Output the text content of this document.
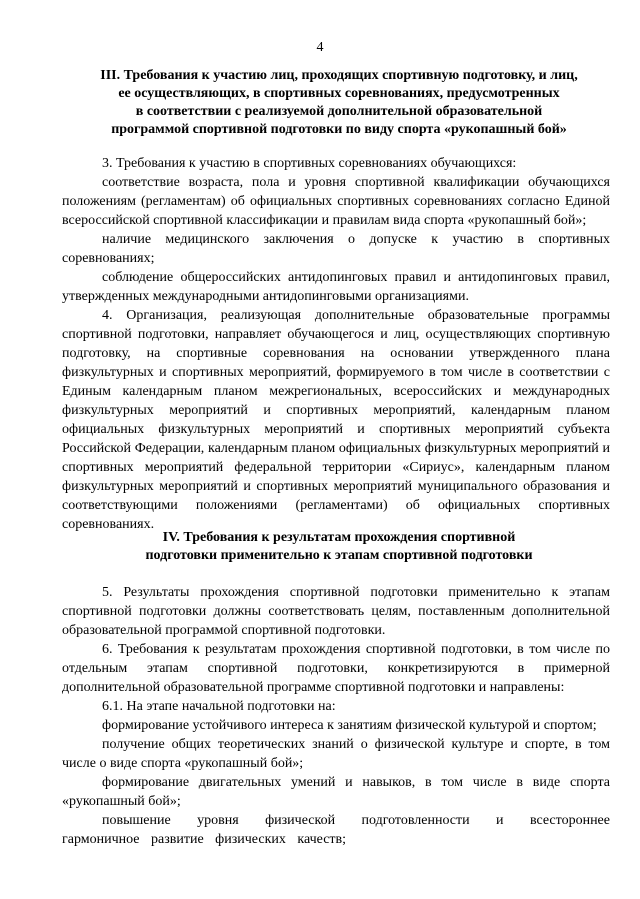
4
III. Требования к участию лиц, проходящих спортивную подготовку, и лиц,
ее осуществляющих, в спортивных соревнованиях, предусмотренных
в соответствии с реализуемой дополнительной образовательной
программой спортивной подготовки по виду спорта «рукопашный бой»

3. Требования к участию в спортивных соревнованиях обучающихся:

соответствие возраста, пола и уровня спортивной квалификации обучающихся положениям (регламентам) об официальных спортивных соревнованиях согласно Единой всероссийской спортивной классификации и правилам вида спорта «рукопашный бой»;

наличие медицинского заключения о допуске к участию в спортивных соревнованиях;

соблюдение общероссийских антидопинговых правил и антидопинговых правил, утвержденных международными антидопинговыми организациями.

4. Организация, реализующая дополнительные образовательные программы спортивной подготовки, направляет обучающегося и лиц, осуществляющих спортивную подготовку, на спортивные соревнования на основании утвержденного плана физкультурных и спортивных мероприятий, формируемого в том числе в соответствии с Единым календарным планом межрегиональных, всероссийских и международных физкультурных мероприятий и спортивных мероприятий, календарным планом официальных физкультурных мероприятий и спортивных мероприятий субъекта Российской Федерации, календарным планом официальных физкультурных мероприятий и спортивных мероприятий федеральной территории «Сириус», календарным планом физкультурных мероприятий и спортивных мероприятий муниципального образования и соответствующими положениями (регламентами) об официальных спортивных соревнованиях.

IV. Требования к результатам прохождения спортивной
подготовки применительно к этапам спортивной подготовки

5. Результаты прохождения спортивной подготовки применительно к этапам спортивной подготовки должны соответствовать целям, поставленным дополнительной образовательной программой спортивной подготовки.

6. Требования к результатам прохождения спортивной подготовки, в том числе по отдельным этапам спортивной подготовки, конкретизируются в примерной дополнительной образовательной программе спортивной подготовки и направлены:

6.1. На этапе начальной подготовки на:

формирование устойчивого интереса к занятиям физической культурой и спортом;

получение общих теоретических знаний о физической культуре и спорте, в том числе о виде спорта «рукопашный бой»;

формирование двигательных умений и навыков, в том числе в виде спорта «рукопашный бой»;

повышение уровня физической подготовленности и всестороннее гармоничное развитие физических качеств;
